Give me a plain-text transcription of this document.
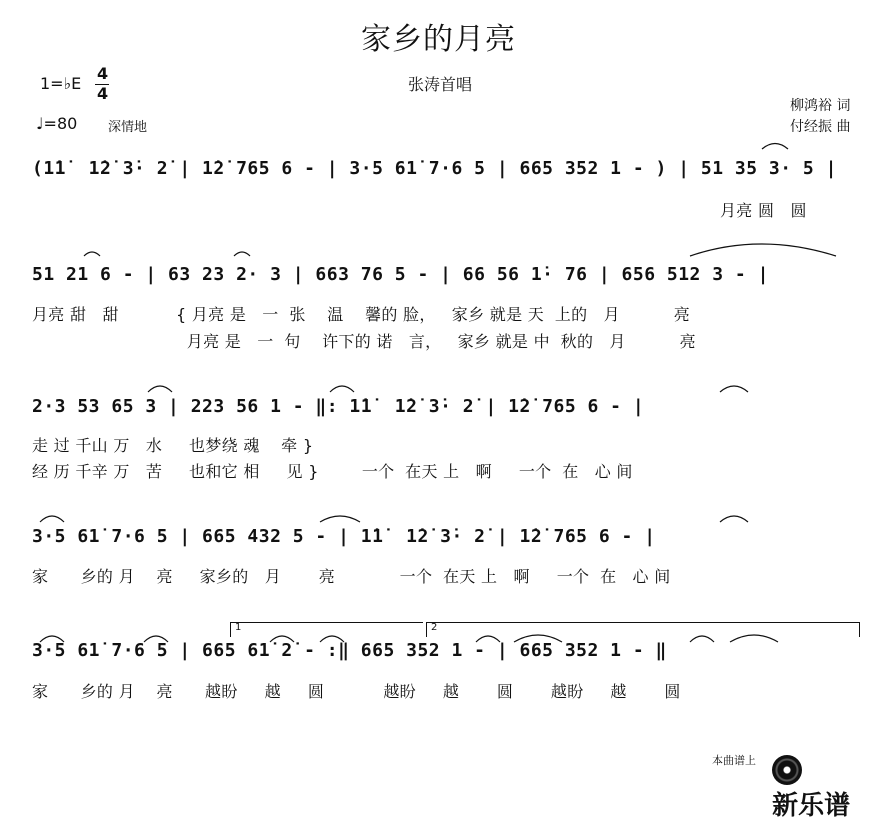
家乡的月亮
张涛首唱
1=♭E
4
4
♩=80 深情地
柳鸿裕 词
付经振 曲
1	2
(1̇1̇  1̇2̇ 3̇· 2̇ | 1̇2̇ 765 6 - | 3·5 61̇ 7·6 5 | 665 352 1 - ) | 51 35 3· 5 |
月亮 圆   圆
51 21 6 - | 63 23 2· 3 | 663 76 5 - | 66 56 1̇· 76 | 656 512 3 - |
月亮 甜   甜	{ 月亮 是   一  张    温    馨的 脸，   家乡 就是 天  上的   月          亮
月亮 是   一  句    许下的 诺   言，   家乡 就是 中  秋的   月          亮
2·3 53 65 3 | 223 56 1 - ‖: 1̇1̇  1̇2̇ 3̇· 2̇ | 1̇2̇ 765 6 - |
走 过 千山 万   水     也梦绕 魂    牵 }
经 历 千辛 万   苦     也和它 相     见 }        一个  在天 上   啊     一个  在   心 间
3·5 61̇ 7·6 5 | 665 432 5 - | 1̇1̇  1̇2̇ 3̇· 2̇ | 1̇2̇ 765 6 - |
家      乡的 月    亮     家乡的   月       亮            一个  在天 上   啊     一个  在   心 间
3·5 61̇ 7·6 5 | 665 61̇ 2̇ - :‖ 665 352 1 - | 665 352 1 - ‖
家      乡的 月    亮      越盼     越     圆           越盼     越       圆       越盼     越       圆
本曲谱上

新乐谱
